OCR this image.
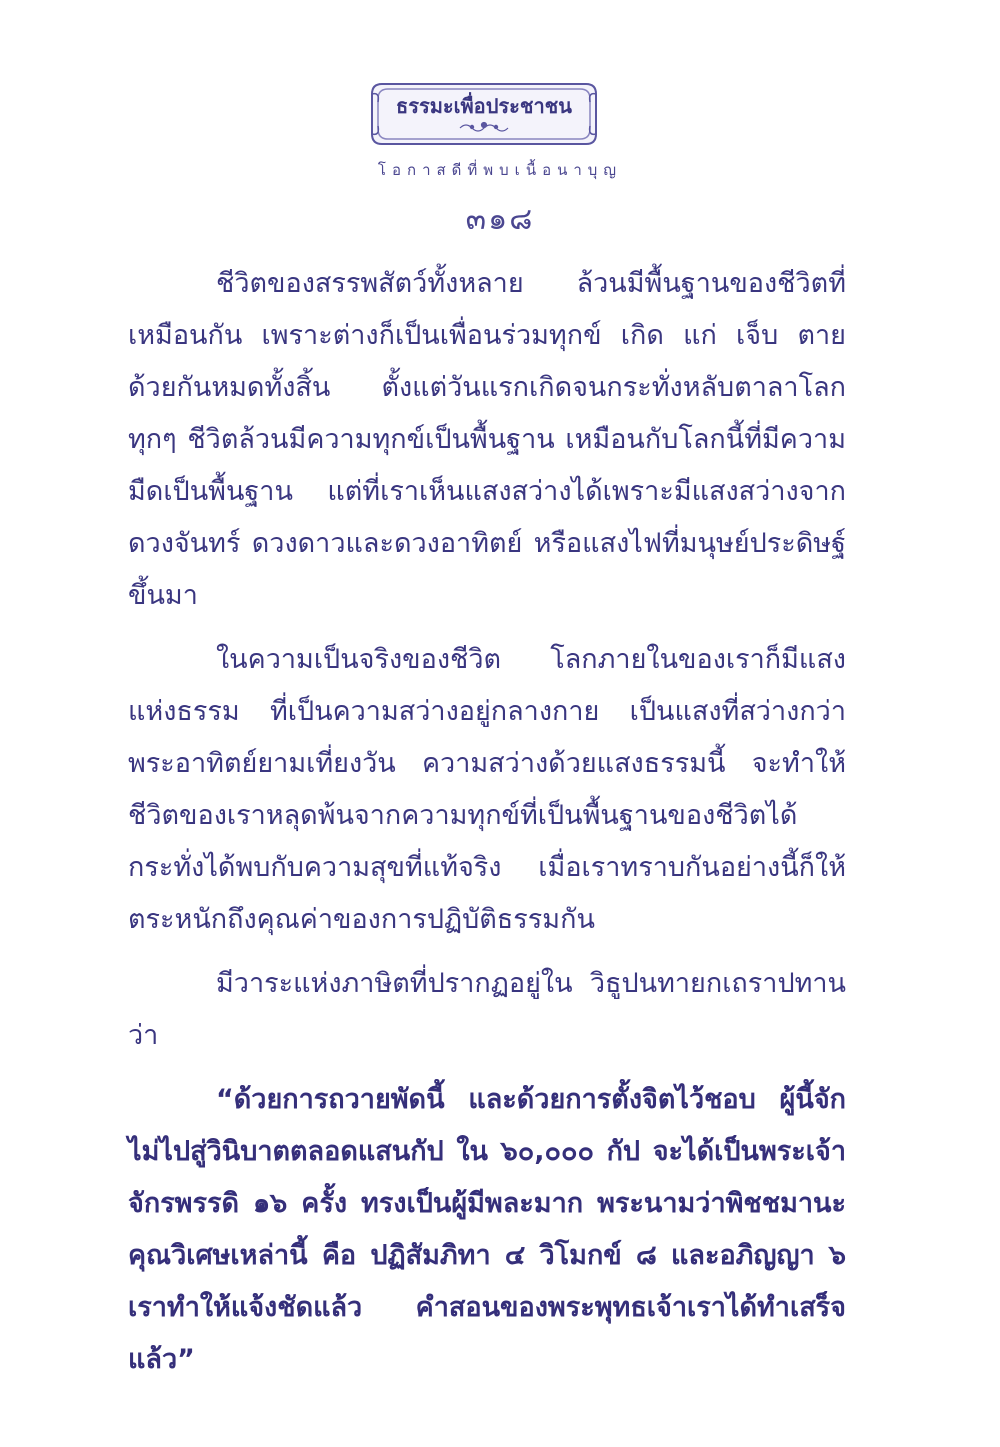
ธรรมะเพื่อประชาชน
โอกาสดีที่พบเนื้อนาบุญ
๓๑๘

ชีวิตของสรรพสัตว์ทั้งหลาย ล้วนมีพื้นฐานของชีวิตที่เหมือนกัน เพราะต่างก็เป็นเพื่อนร่วมทุกข์ เกิด แก่ เจ็บ ตาย ด้วยกันหมดทั้งสิ้น ตั้งแต่วันแรกเกิดจนกระทั่งหลับตาลาโลก ทุกๆ ชีวิตล้วนมีความทุกข์เป็นพื้นฐาน เหมือนกับโลกนี้ที่มีความมืดเป็นพื้นฐาน แต่ที่เราเห็นแสงสว่างได้เพราะมีแสงสว่างจาก ดวงจันทร์ ดวงดาวและดวงอาทิตย์ หรือแสงไฟที่มนุษย์ประดิษฐ์ขึ้นมา

ในความเป็นจริงของชีวิต โลกภายในของเราก็มีแสงแห่งธรรม ที่เป็นความสว่างอยู่กลางกาย เป็นแสงที่สว่างกว่าพระอาทิตย์ยามเที่ยงวัน ความสว่างด้วยแสงธรรมนี้ จะทำให้ชีวิตของเราหลุดพ้นจากความทุกข์ที่เป็นพื้นฐานของชีวิตได้ กระทั่งได้พบกับความสุขที่แท้จริง เมื่อเราทราบกันอย่างนี้ก็ให้ตระหนักถึงคุณค่าของการปฏิบัติธรรมกัน

มีวาระแห่งภาษิตที่ปรากฏอยู่ใน วิธูปนทายกเถราปทาน ว่า

“ด้วยการถวายพัดนี้ และด้วยการตั้งจิตไว้ชอบ ผู้นี้จักไม่ไปสู่วินิบาตตลอดแสนกัป ใน ๖๐,๐๐๐ กัป จะได้เป็นพระเจ้าจักรพรรดิ ๑๖ ครั้ง ทรงเป็นผู้มีพละมาก พระนามว่าพิชชมานะ คุณวิเศษเหล่านี้ คือ ปฏิสัมภิทา ๔ วิโมกข์ ๘ และอภิญญา ๖ เราทำให้แจ้งชัดแล้ว คำสอนของพระพุทธเจ้าเราได้ทำเสร็จแล้ว”
